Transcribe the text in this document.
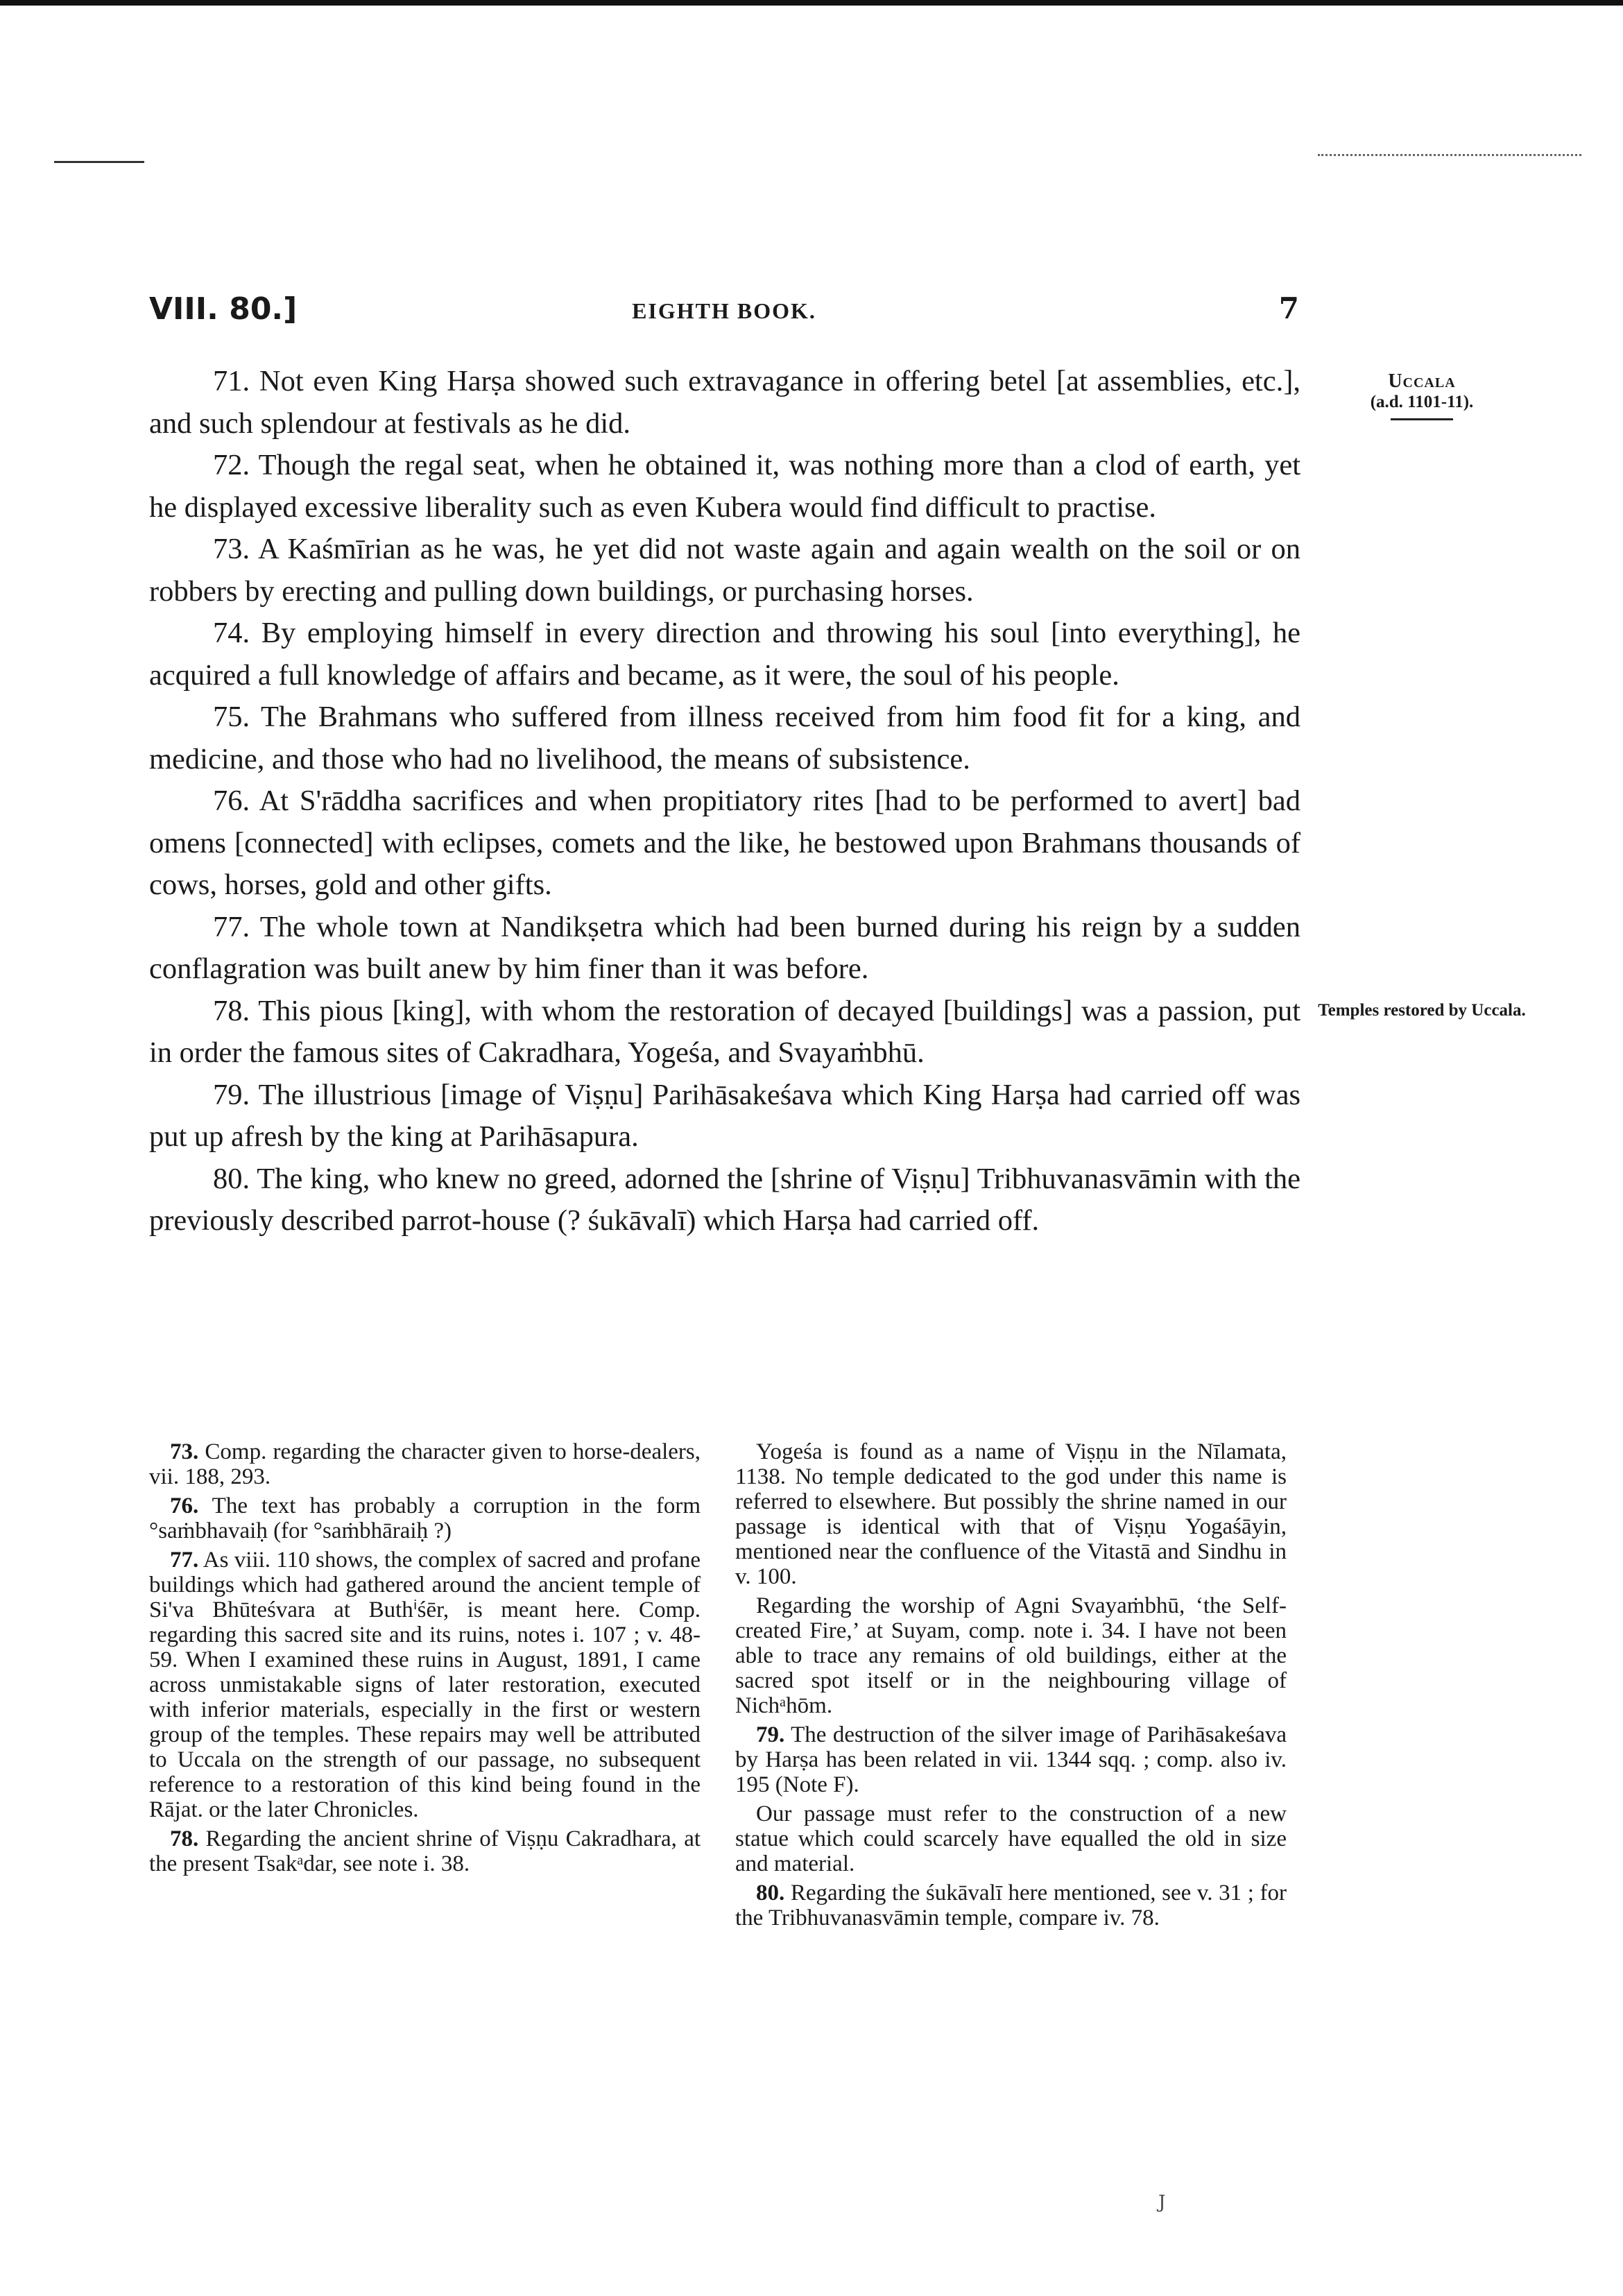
VIII. 80.]	EIGHTH BOOK.	7
Uccala
(a.d. 1101-11).
Temples restored by Uccala.

71. Not even King Harṣa showed such extravagance in offering betel [at assemblies, etc.], and such splendour at festivals as he did.

72. Though the regal seat, when he obtained it, was nothing more than a clod of earth, yet he displayed excessive liberality such as even Kubera would find difficult to practise.

73. A Kaśmīrian as he was, he yet did not waste again and again wealth on the soil or on robbers by erecting and pulling down buildings, or purchasing horses.

74. By employing himself in every direction and throwing his soul [into everything], he acquired a full knowledge of affairs and became, as it were, the soul of his people.

75. The Brahmans who suffered from illness received from him food fit for a king, and medicine, and those who had no livelihood, the means of subsistence.

76. At S'rāddha sacrifices and when propitiatory rites [had to be performed to avert] bad omens [connected] with eclipses, comets and the like, he bestowed upon Brahmans thousands of cows, horses, gold and other gifts.

77. The whole town at Nandikṣetra which had been burned during his reign by a sudden conflagration was built anew by him finer than it was before.

78. This pious [king], with whom the restoration of decayed [buildings] was a passion, put in order the famous sites of Cakradhara, Yogeśa, and Svayaṁbhū.

79. The illustrious [image of Viṣṇu] Parihāsakeśava which King Harṣa had carried off was put up afresh by the king at Parihāsapura.

80. The king, who knew no greed, adorned the [shrine of Viṣṇu] Tribhuvanasvāmin with the previously described parrot-house (? śukāvalī) which Harṣa had carried off.

73. Comp. regarding the character given to horse-dealers, vii. 188, 293.

76. The text has probably a corruption in the form °saṁbhavaiḥ (for °saṁbhāraiḥ ?)

77. As viii. 110 shows, the complex of sacred and profane buildings which had gathered around the ancient temple of Si'va Bhūteśvara at Buthⁱśēr, is meant here. Comp. regarding this sacred site and its ruins, notes i. 107 ; v. 48-59. When I examined these ruins in August, 1891, I came across unmistakable signs of later restoration, executed with inferior materials, especially in the first or western group of the temples. These repairs may well be attributed to Uccala on the strength of our passage, no subsequent reference to a restoration of this kind being found in the Rājat. or the later Chronicles.

78. Regarding the ancient shrine of Viṣṇu Cakradhara, at the present Tsakᵃdar, see note i. 38.

Yogeśa is found as a name of Viṣṇu in the Nīlamata, 1138. No temple dedicated to the god under this name is referred to elsewhere. But possibly the shrine named in our passage is identical with that of Viṣṇu Yogaśāyin, mentioned near the confluence of the Vitastā and Sindhu in v. 100.

Regarding the worship of Agni Svayaṁbhū, ‘the Self-created Fire,’ at Suyam, comp. note i. 34. I have not been able to trace any remains of old buildings, either at the sacred spot itself or in the neighbouring village of Nichᵃhōm.

79. The destruction of the silver image of Parihāsakeśava by Harṣa has been related in vii. 1344 sqq. ; comp. also iv. 195 (Note F).

Our passage must refer to the construction of a new statue which could scarcely have equalled the old in size and material.

80. Regarding the śukāvalī here mentioned, see v. 31 ; for the Tribhuvanasvāmin temple, compare iv. 78.

J
